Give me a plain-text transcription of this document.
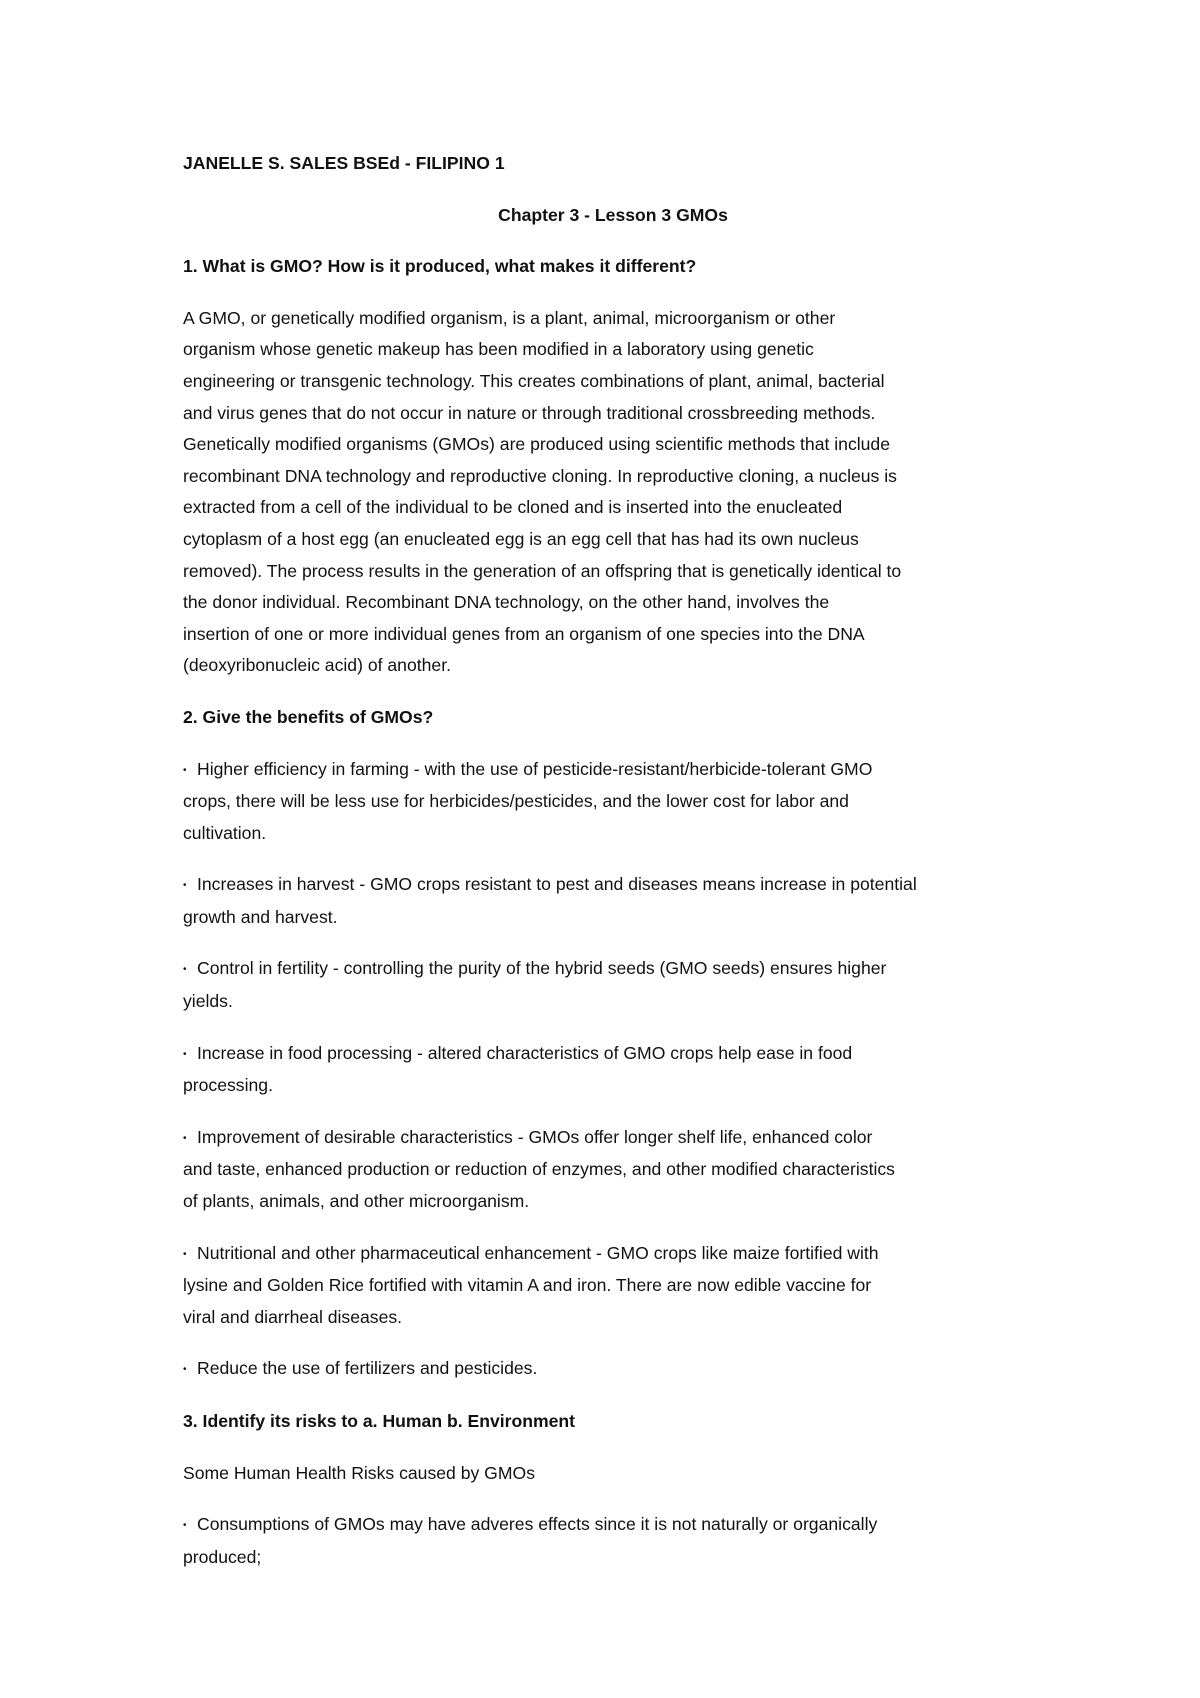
JANELLE S. SALES BSEd - FILIPINO 1

Chapter 3 - Lesson 3 GMOs

1. What is GMO? How is it produced, what makes it different?

A GMO, or genetically modified organism, is a plant, animal, microorganism or other

organism whose genetic makeup has been modified in a laboratory using genetic

engineering or transgenic technology. This creates combinations of plant, animal, bacterial

and virus genes that do not occur in nature or through traditional crossbreeding methods.

Genetically modified organisms (GMOs) are produced using scientific methods that include

recombinant DNA technology and reproductive cloning. In reproductive cloning, a nucleus is

extracted from a cell of the individual to be cloned and is inserted into the enucleated

cytoplasm of a host egg (an enucleated egg is an egg cell that has had its own nucleus

removed). The process results in the generation of an offspring that is genetically identical to

the donor individual. Recombinant DNA technology, on the other hand, involves the

insertion of one or more individual genes from an organism of one species into the DNA

(deoxyribonucleic acid) of another.

2. Give the benefits of GMOs?

• Higher efficiency in farming - with the use of pesticide-resistant/herbicide-tolerant GMO

crops, there will be less use for herbicides/pesticides, and the lower cost for labor and

cultivation.

• Increases in harvest - GMO crops resistant to pest and diseases means increase in potential

growth and harvest.

• Control in fertility - controlling the purity of the hybrid seeds (GMO seeds) ensures higher

yields.

• Increase in food processing - altered characteristics of GMO crops help ease in food

processing.

• Improvement of desirable characteristics - GMOs offer longer shelf life, enhanced color

and taste, enhanced production or reduction of enzymes, and other modified characteristics

of plants, animals, and other microorganism.

• Nutritional and other pharmaceutical enhancement - GMO crops like maize fortified with

lysine and Golden Rice fortified with vitamin A and iron. There are now edible vaccine for

viral and diarrheal diseases.

• Reduce the use of fertilizers and pesticides.

3. Identify its risks to a. Human b. Environment

Some Human Health Risks caused by GMOs

• Consumptions of GMOs may have adveres effects since it is not naturally or organically

produced;
